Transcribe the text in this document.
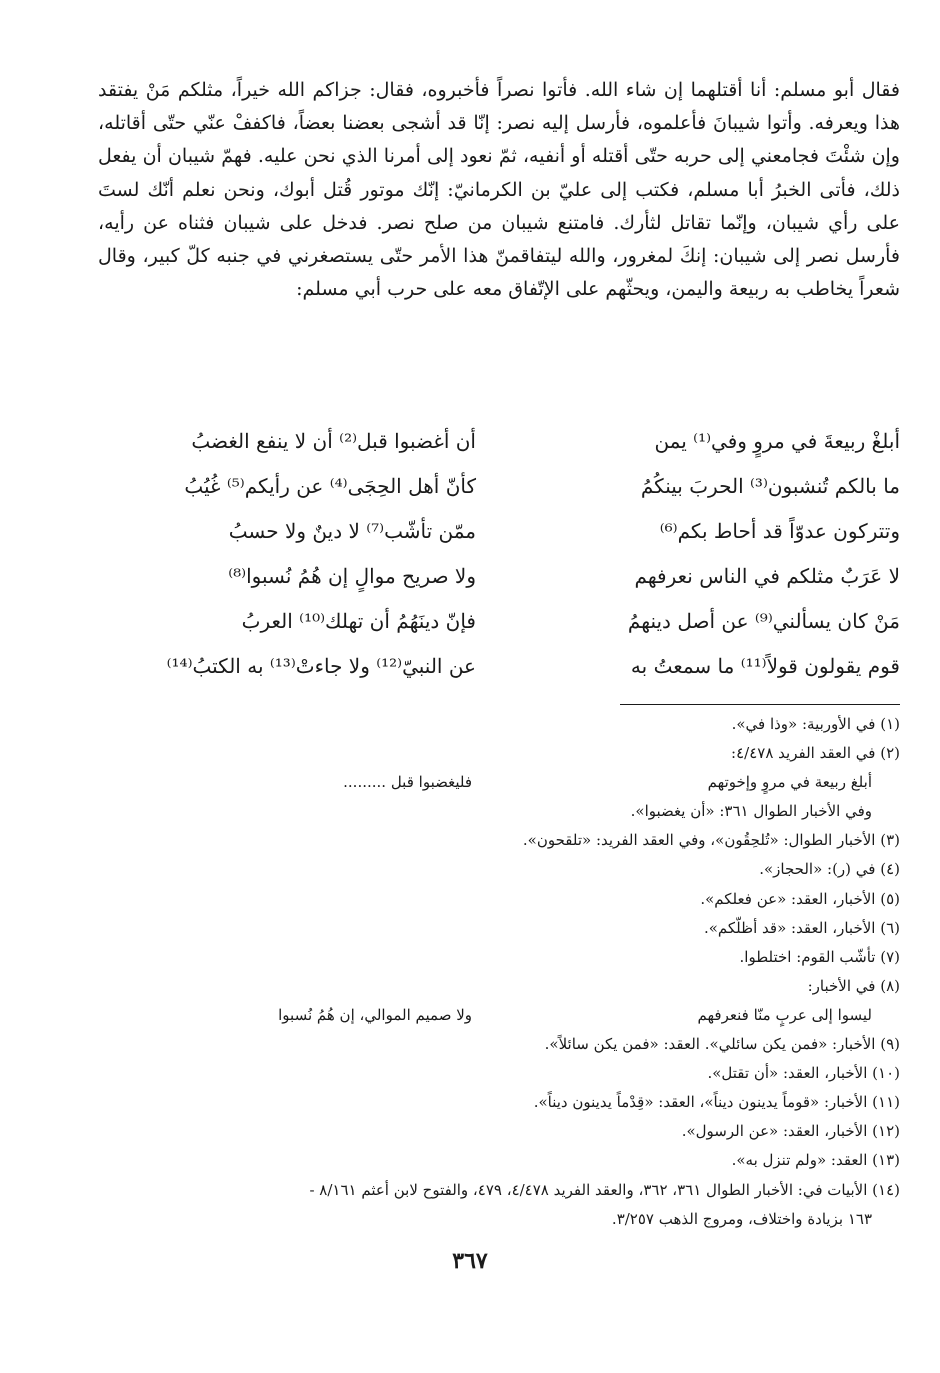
فقال أبو مسلم: أنا أقتلهما إن شاء الله. فأتوا نصراً فأخبروه، فقال: جزاكم الله خيراً، مثلكم مَنْ يفتقد هذا ويعرفه. وأتوا شيبانَ فأعلموه، فأرسل إليه نصر: إنّا قد أشجى بعضنا بعضاً، فاكففْ عنّي حتّى أقاتله، وإن شئْتَ فجامعني إلى حربه حتّى أقتله أو أنفيه، ثمّ نعود إلى أمرنا الذي نحن عليه. فهمّ شيبان أن يفعل ذلك، فأتى الخبرُ أبا مسلم، فكتب إلى عليّ بن الكرمانيّ: إنّك موتور قُتل أبوك، ونحن نعلم أنّك لستَ على رأي شيبان، وإنّما تقاتل لثأرك. فامتنع شيبان من صلح نصر. فدخل على شيبان فثناه عن رأيه، فأرسل نصر إلى شيبان: إنكَ لمغرور، والله ليتفاقمنّ هذا الأمر حتّى يستصغرني في جنبه كلّ كبير، وقال شعراً يخاطب به ربيعة واليمن، ويحثّهم على الإتّفاق معه على حرب أبي مسلم:

أبلغْ ربيعةَ في مروٍ وفي⁽¹⁾ يمن
أن أغضبوا قبل⁽²⁾ أن لا ينفع الغضبُ
ما بالكم تُنشبون⁽³⁾ الحربَ بينكُمُ
كأنّ أهل الحِجَى⁽⁴⁾ عن رأيكم⁽⁵⁾ غُيُبُ
وتتركون عدوّاً قد أحاط بكم⁽⁶⁾
ممّن تأشّب⁽⁷⁾ لا دينٌ ولا حسبُ
لا عَرَبٌ مثلكم في الناس نعرفهم
ولا صريح موالٍ إن هُمُ نُسبوا⁽⁸⁾
مَنْ كان يسألني⁽⁹⁾ عن أصل دينهمُ
فإنّ دينَهُمُ أن تهلك⁽¹⁰⁾ العربُ
قوم يقولون قولاً⁽¹¹⁾ ما سمعتُ به
عن النبيّ⁽¹²⁾ ولا جاءتْ⁽¹³⁾ به الكتبُ⁽¹⁴⁾
(١) في الأوربية: «وذا في».
(٢) في العقد الفريد ٤/٤٧٨:
أبلغ ربيعة في مروٍ وإخوتهم
فليغضبوا قبل .........
وفي الأخبار الطوال ٣٦١: «أن يغضبوا».
(٣) الأخبار الطوال: «تُلحِقُون»، وفي العقد الفريد: «تلقحون».
(٤) في (ر): «الحجاز».
(٥) الأخبار، العقد: «عن فعلكم».
(٦) الأخبار، العقد: «قد أظلّكم».
(٧) تأشّب القوم: اختلطوا.
(٨) في الأخبار:
ليسوا إلى عربٍ منّا فنعرفهم
ولا صميم الموالي، إن هُمُ نُسبوا
(٩) الأخبار: «فمن يكن سائلي». العقد: «فمن يكن سائلاً».
(١٠) الأخبار، العقد: «أن تقتل».
(١١) الأخبار: «قوماً يدينون ديناً»، العقد: «قِدْماً يدينون ديناً».
(١٢) الأخبار، العقد: «عن الرسول».
(١٣) العقد: «ولم تنزل به».
(١٤) الأبيات في: الأخبار الطوال ٣٦١، ٣٦٢، والعقد الفريد ٤/٤٧٨، ٤٧٩، والفتوح لابن أعثم ٨/١٦١ -
١٦٣ بزيادة واختلاف، ومروج الذهب ٣/٢٥٧.
٣٦٧
